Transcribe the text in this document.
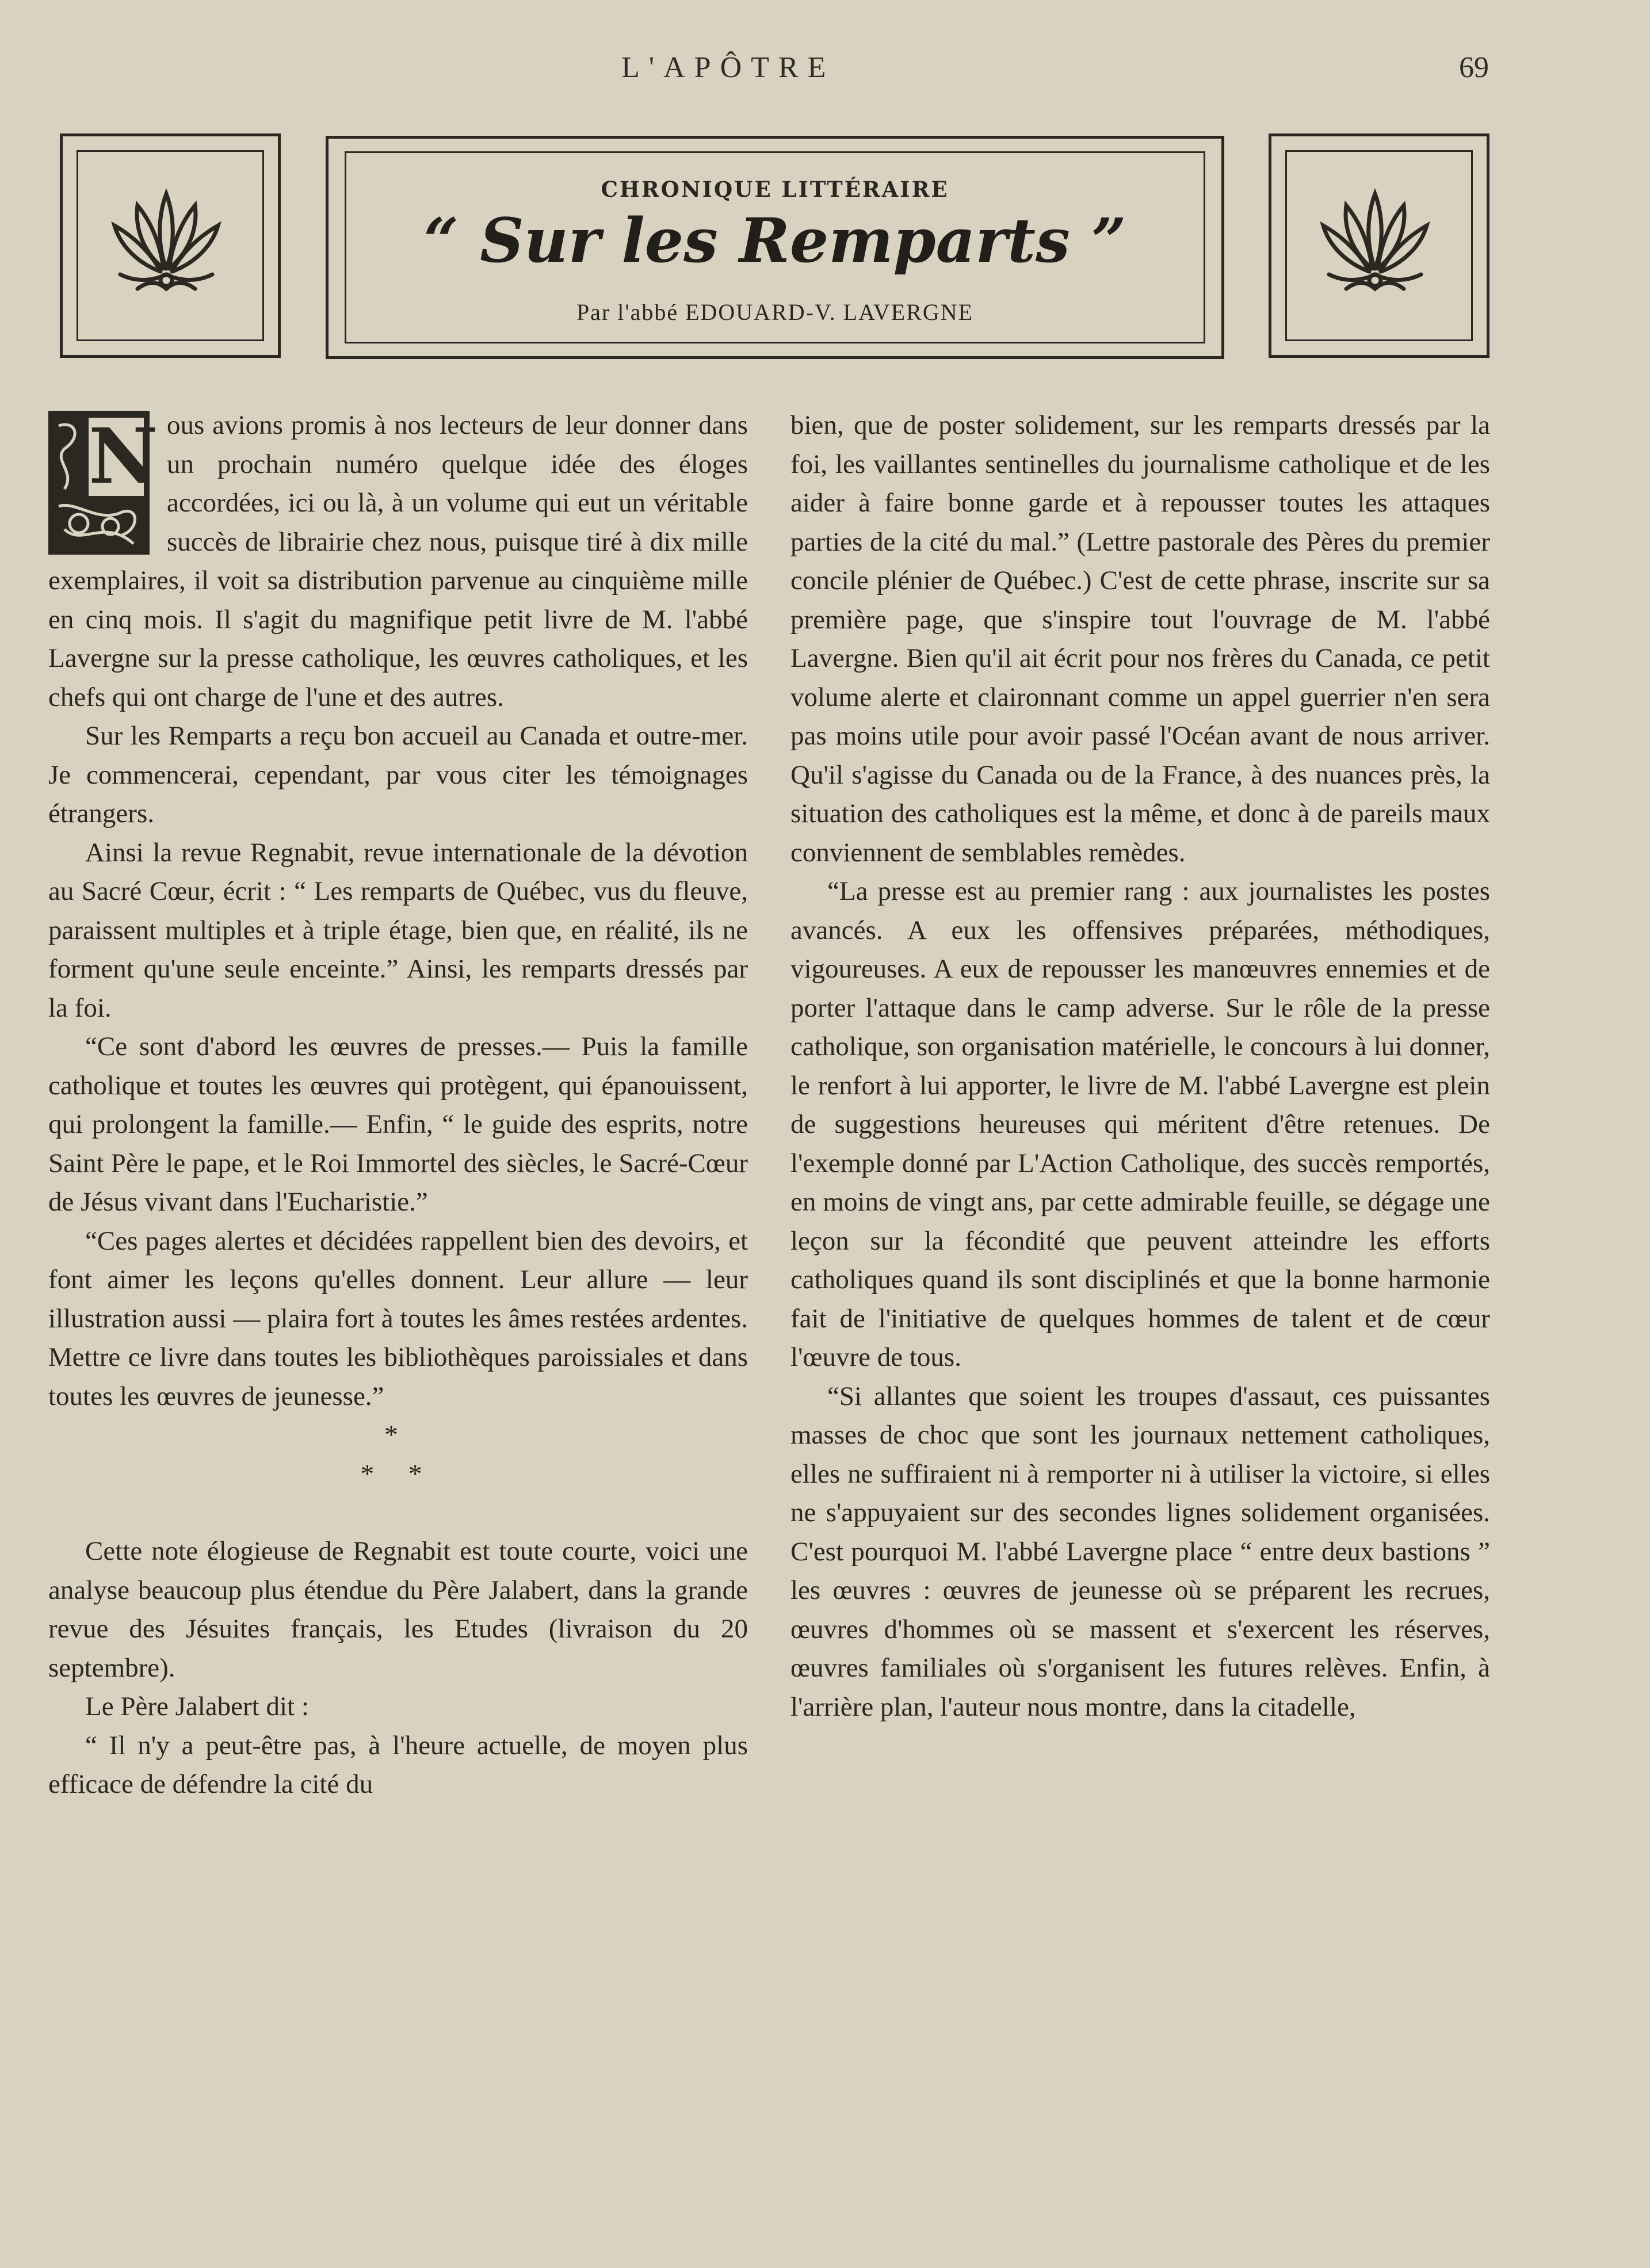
L'APÔTRE	69
CHRONIQUE LITTÉRAIRE
“ Sur les Remparts ”
Par l'abbé EDOUARD-V. LAVERGNE
N ous avions promis à nos lecteurs de leur donner dans un prochain numéro quelque idée des éloges accordées, ici ou là, à un volume qui eut un véritable succès de librairie chez nous, puisque tiré à dix mille exemplaires, il voit sa distribution parvenue au cinquième mille en cinq mois. Il s'agit du magnifique petit livre de M. l'abbé Lavergne sur la presse catholique, les œuvres catholiques, et les chefs qui ont charge de l'une et des autres.

Sur les Remparts a reçu bon accueil au Canada et outre-mer. Je commencerai, cependant, par vous citer les témoignages étrangers.

Ainsi la revue Regnabit, revue internationale de la dévotion au Sacré Cœur, écrit : “ Les remparts de Québec, vus du fleuve, paraissent multiples et à triple étage, bien que, en réalité, ils ne forment qu'une seule enceinte.” Ainsi, les remparts dressés par la foi.

“Ce sont d'abord les œuvres de presses.— Puis la famille catholique et toutes les œuvres qui protègent, qui épanouissent, qui prolongent la famille.— Enfin, “ le guide des esprits, notre Saint Père le pape, et le Roi Immortel des siècles, le Sacré-Cœur de Jésus vivant dans l'Eucharistie.”

“Ces pages alertes et décidées rappellent bien des devoirs, et font aimer les leçons qu'elles donnent. Leur allure — leur illustration aussi — plaira fort à toutes les âmes restées ardentes. Mettre ce livre dans toutes les bibliothèques paroissiales et dans toutes les œuvres de jeunesse.”

*

* *

Cette note élogieuse de Regnabit est toute courte, voici une analyse beaucoup plus étendue du Père Jalabert, dans la grande revue des Jésuites français, les Etudes (livraison du 20 septembre).

Le Père Jalabert dit :

“ Il n'y a peut-être pas, à l'heure actuelle, de moyen plus efficace de défendre la cité du

bien, que de poster solidement, sur les remparts dressés par la foi, les vaillantes sentinelles du journalisme catholique et de les aider à faire bonne garde et à repousser toutes les attaques parties de la cité du mal.” (Lettre pastorale des Pères du premier concile plénier de Québec.) C'est de cette phrase, inscrite sur sa première page, que s'inspire tout l'ouvrage de M. l'abbé Lavergne. Bien qu'il ait écrit pour nos frères du Canada, ce petit volume alerte et claironnant comme un appel guerrier n'en sera pas moins utile pour avoir passé l'Océan avant de nous arriver. Qu'il s'agisse du Canada ou de la France, à des nuances près, la situation des catholiques est la même, et donc à de pareils maux conviennent de semblables remèdes.

“La presse est au premier rang : aux journalistes les postes avancés. A eux les offensives préparées, méthodiques, vigoureuses. A eux de repousser les manœuvres ennemies et de porter l'attaque dans le camp adverse. Sur le rôle de la presse catholique, son organisation matérielle, le concours à lui donner, le renfort à lui apporter, le livre de M. l'abbé Lavergne est plein de suggestions heureuses qui méritent d'être retenues. De l'exemple donné par L'Action Catholique, des succès remportés, en moins de vingt ans, par cette admirable feuille, se dégage une leçon sur la fécondité que peuvent atteindre les efforts catholiques quand ils sont disciplinés et que la bonne harmonie fait de l'initiative de quelques hommes de talent et de cœur l'œuvre de tous.

“Si allantes que soient les troupes d'assaut, ces puissantes masses de choc que sont les journaux nettement catholiques, elles ne suffiraient ni à remporter ni à utiliser la victoire, si elles ne s'appuyaient sur des secondes lignes solidement organisées. C'est pourquoi M. l'abbé Lavergne place “ entre deux bastions ” les œuvres : œuvres de jeunesse où se préparent les recrues, œuvres d'hommes où se massent et s'exercent les réserves, œuvres familiales où s'organisent les futures relèves. Enfin, à l'arrière plan, l'auteur nous montre, dans la citadelle,
